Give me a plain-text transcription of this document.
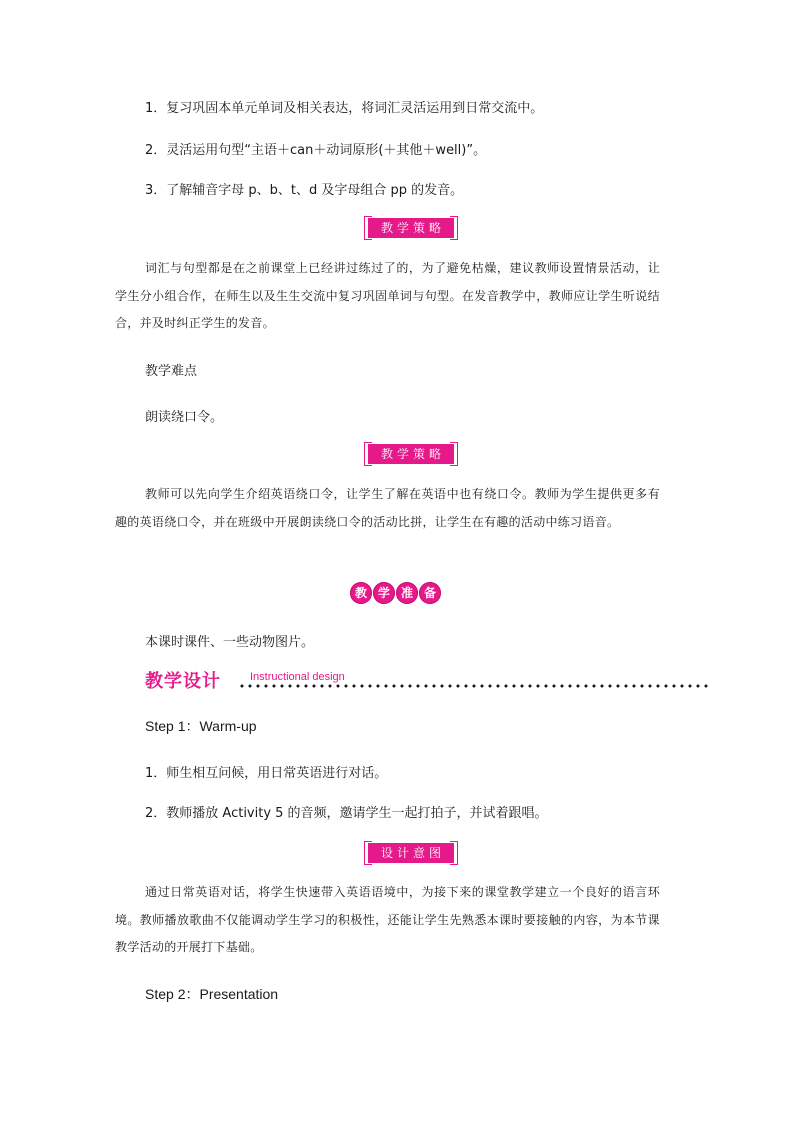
1．复习巩固本单元单词及相关表达，将词汇灵活运用到日常交流中。
2．灵活运用句型“主语＋can＋动词原形(＋其他＋well)”。
3．了解辅音字母 p、b、t、d 及字母组合 pp 的发音。
教学策略
词汇与句型都是在之前课堂上已经讲过练过了的，为了避免枯燥，建议教师设置情景活动，让学生分小组合作，在师生以及生生交流中复习巩固单词与句型。在发音教学中，教师应让学生听说结合，并及时纠正学生的发音。
教学难点
朗读绕口令。
教学策略
教师可以先向学生介绍英语绕口令，让学生了解在英语中也有绕口令。教师为学生提供更多有趣的英语绕口令，并在班级中开展朗读绕口令的活动比拼，让学生在有趣的活动中练习语音。
教 学 准 备
本课时课件、一些动物图片。
教学设计	Instructional design
Step 1：Warm-up
1．师生相互问候，用日常英语进行对话。
2．教师播放 Activity 5 的音频，邀请学生一起打拍子，并试着跟唱。
设计意图
通过日常英语对话，将学生快速带入英语语境中，为接下来的课堂教学建立一个良好的语言环境。教师播放歌曲不仅能调动学生学习的积极性，还能让学生先熟悉本课时要接触的内容，为本节课教学活动的开展打下基础。
Step 2：Presentation
